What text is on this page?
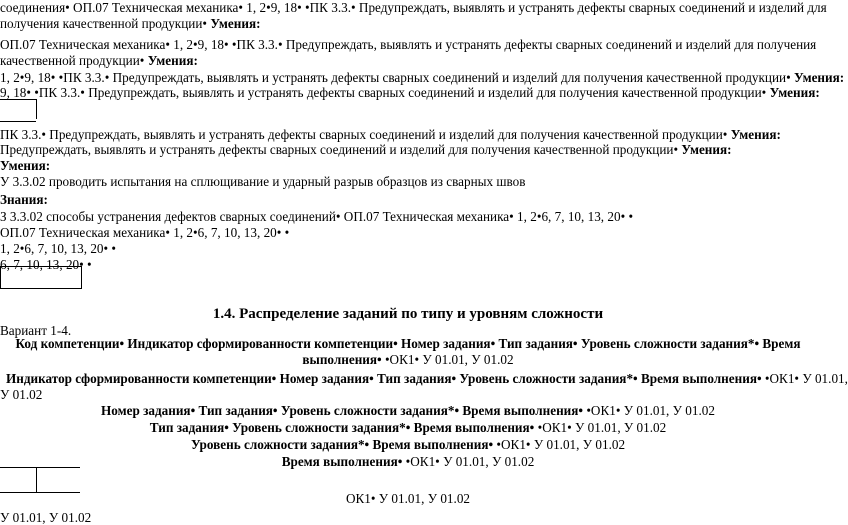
соединения• ОП.07 Техническая механика• 1, 2•9, 18• •ПК 3.3.• Предупреждать, выявлять и устранять дефекты сварных соединений и изделий для
получения качественной продукции• Умения:
ОП.07 Техническая механика• 1, 2•9, 18• •ПК 3.3.• Предупреждать, выявлять и устранять дефекты сварных соединений и изделий для получения
качественной продукции• Умения:
1, 2•9, 18• •ПК 3.3.• Предупреждать, выявлять и устранять дефекты сварных соединений и изделий для получения качественной продукции• Умения:
9, 18• •ПК 3.3.• Предупреждать, выявлять и устранять дефекты сварных соединений и изделий для получения качественной продукции• Умения:
ПК 3.3.• Предупреждать, выявлять и устранять дефекты сварных соединений и изделий для получения качественной продукции• Умения:
Предупреждать, выявлять и устранять дефекты сварных соединений и изделий для получения качественной продукции• Умения:
Умения:
У 3.3.02 проводить испытания на сплющивание и ударный разрыв образцов из сварных швов
Знания:
З 3.3.02 способы устранения дефектов сварных соединений• ОП.07 Техническая механика• 1, 2•6, 7, 10, 13, 20• •
ОП.07 Техническая механика• 1, 2•6, 7, 10, 13, 20• •
1, 2•6, 7, 10, 13, 20• •
6, 7, 10, 13, 20• •
1.4. Распределение заданий по типу и уровням сложности
Вариант 1-4.
Код компетенции• Индикатор сформированности компетенции• Номер задания• Тип задания• Уровень сложности задания*• Время
выполнения• •ОК1• У 01.01, У 01.02
Индикатор сформированности компетенции• Номер задания• Тип задания• Уровень сложности задания*• Время выполнения• •ОК1• У 01.01,
У 01.02
Номер задания• Тип задания• Уровень сложности задания*• Время выполнения• •ОК1• У 01.01, У 01.02
Тип задания• Уровень сложности задания*• Время выполнения• •ОК1• У 01.01, У 01.02
Уровень сложности задания*• Время выполнения• •ОК1• У 01.01, У 01.02
Время выполнения• •ОК1• У 01.01, У 01.02
ОК1• У 01.01, У 01.02
У 01.01, У 01.02
